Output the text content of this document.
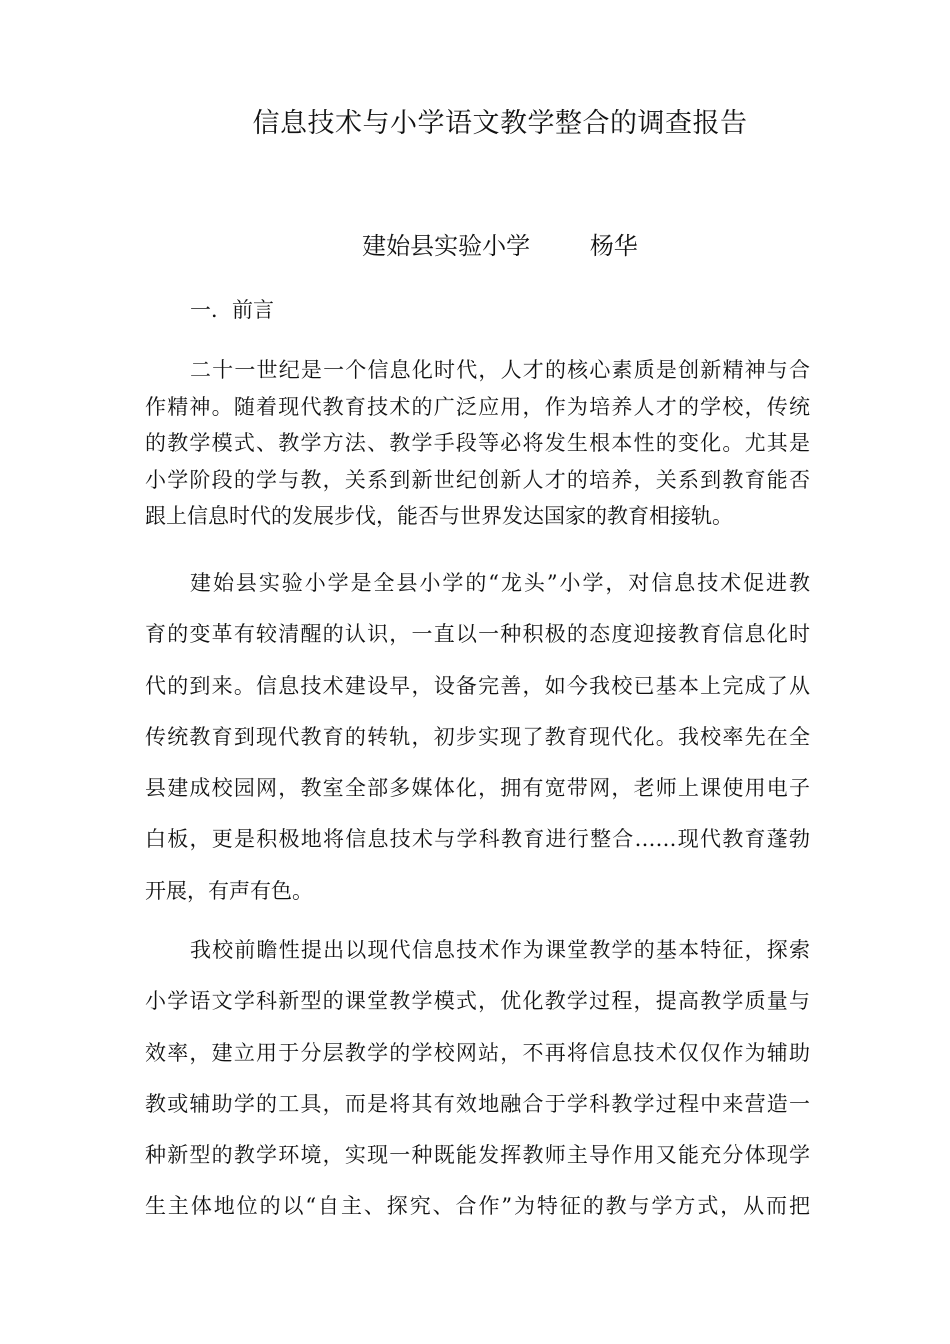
信息技术与小学语文教学整合的调查报告
建始县实验小学 杨华
一．前言
二十一世纪是一个信息化时代，人才的核心素质是创新精神与合
作精神。随着现代教育技术的广泛应用，作为培养人才的学校，传统
的教学模式、教学方法、教学手段等必将发生根本性的变化。尤其是
小学阶段的学与教，关系到新世纪创新人才的培养，关系到教育能否
跟上信息时代的发展步伐，能否与世界发达国家的教育相接轨。
建始县实验小学是全县小学的“龙头”小学，对信息技术促进教
育的变革有较清醒的认识，一直以一种积极的态度迎接教育信息化时
代的到来。信息技术建设早，设备完善，如今我校已基本上完成了从
传统教育到现代教育的转轨，初步实现了教育现代化。我校率先在全
县建成校园网，教室全部多媒体化，拥有宽带网，老师上课使用电子
白板，更是积极地将信息技术与学科教育进行整合……现代教育蓬勃
开展，有声有色。
我校前瞻性提出以现代信息技术作为课堂教学的基本特征，探索
小学语文学科新型的课堂教学模式，优化教学过程，提高教学质量与
效率，建立用于分层教学的学校网站，不再将信息技术仅仅作为辅助
教或辅助学的工具，而是将其有效地融合于学科教学过程中来营造一
种新型的教学环境，实现一种既能发挥教师主导作用又能充分体现学
生主体地位的以“自主、探究、合作”为特征的教与学方式，从而把
